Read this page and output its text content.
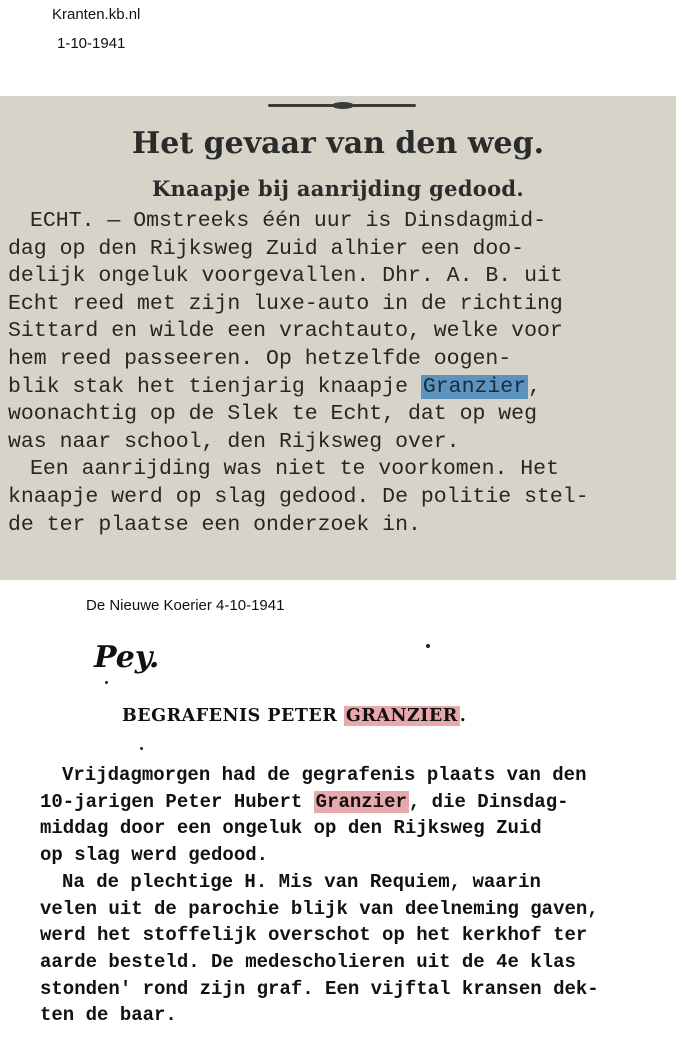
Kranten.kb.nl
1-10-1941
Het gevaar van den weg.
Knaapje bij aanrijding gedood.
ECHT. — Omstreeks één uur is Dinsdagmid-
dag op den Rijksweg Zuid alhier een doo-
delijk ongeluk voorgevallen. Dhr. A. B. uit
Echt reed met zijn luxe-auto in de richting
Sittard en wilde een vrachtauto, welke voor
hem reed passeeren. Op hetzelfde oogen-
blik stak het tienjarig knaapje Granzier,
woonachtig op de Slek te Echt, dat op weg
was naar school, den Rijksweg over.
Een aanrijding was niet te voorkomen. Het
knaapje werd op slag gedood. De politie stel-
de ter plaatse een onderzoek in.
De Nieuwe Koerier 4-10-1941
Pey.
BEGRAFENIS PETER GRANZIER .
Vrijdagmorgen had de gegrafenis plaats van den
10-jarigen Peter Hubert Granzier , die Dinsdag-
middag door een ongeluk op den Rijksweg Zuid
op slag werd gedood.
Na de plechtige H. Mis van Requiem, waarin
velen uit de parochie blijk van deelneming gaven,
werd het stoffelijk overschot op het kerkhof ter
aarde besteld. De medescholieren uit de 4e klas
stonden' rond zijn graf. Een vijftal kransen dek-
ten de baar.
